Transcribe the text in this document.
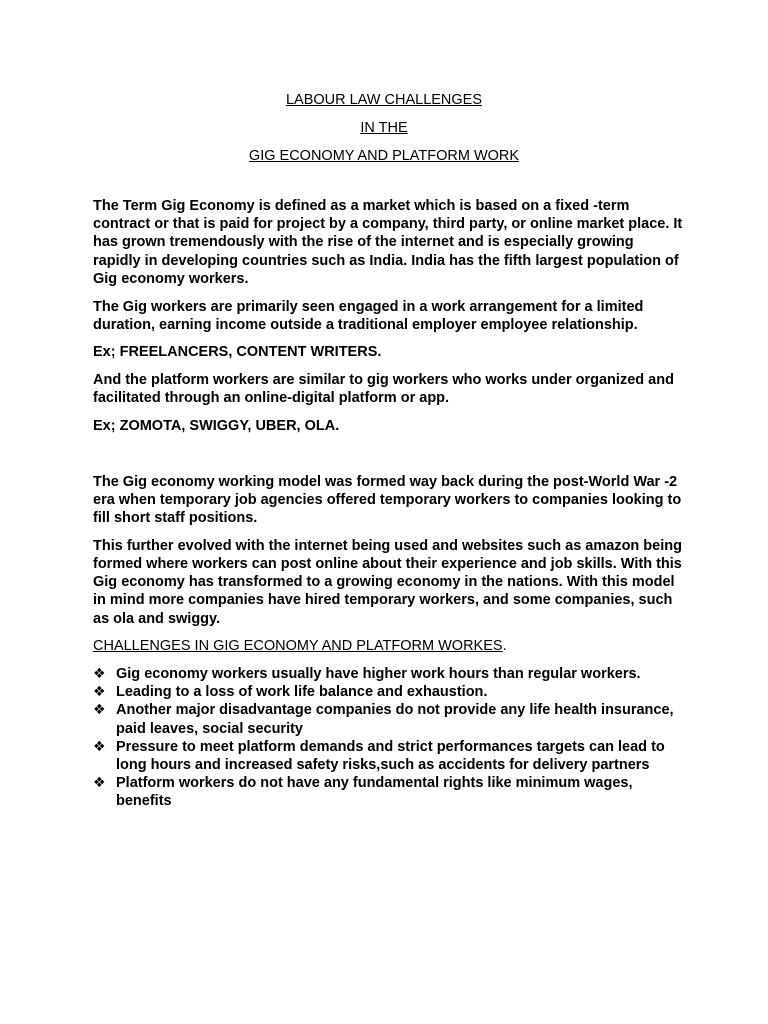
LABOUR LAW CHALLENGES
IN THE
GIG ECONOMY AND PLATFORM WORK

The Term Gig Economy is defined as a market which is based on a fixed -term contract or that is paid for project by a company, third party, or online market place. It has grown tremendously with the rise of the internet and is especially growing rapidly in developing countries such as India. India has the fifth largest population of Gig economy workers.

The Gig workers are primarily seen engaged in a work arrangement for a limited duration, earning income outside a traditional employer employee relationship.

Ex; FREELANCERS, CONTENT WRITERS.

And the platform workers are similar to gig workers who works under organized and facilitated through an online-digital platform or app.

Ex; ZOMOTA, SWIGGY, UBER, OLA.

The Gig economy working model was formed way back during the post-World War -2 era when temporary job agencies offered temporary workers to companies looking to fill short staff positions.

This further evolved with the internet being used and websites such as amazon being formed where workers can post online about their experience and job skills. With this Gig economy has transformed to a growing economy in the nations. With this model in mind more companies have hired temporary workers, and some companies, such as ola and swiggy.

CHALLENGES IN GIG ECONOMY AND PLATFORM WORKES.
❖ Gig economy workers usually have higher work hours than regular workers.
❖ Leading to a loss of work life balance and exhaustion.
❖ Another major disadvantage companies do not provide any life health insurance, paid leaves, social security
❖ Pressure to meet platform demands and strict performances targets can lead to long hours and increased safety risks,such as accidents for delivery partners
❖ Platform workers do not have any fundamental rights like minimum wages, benefits
